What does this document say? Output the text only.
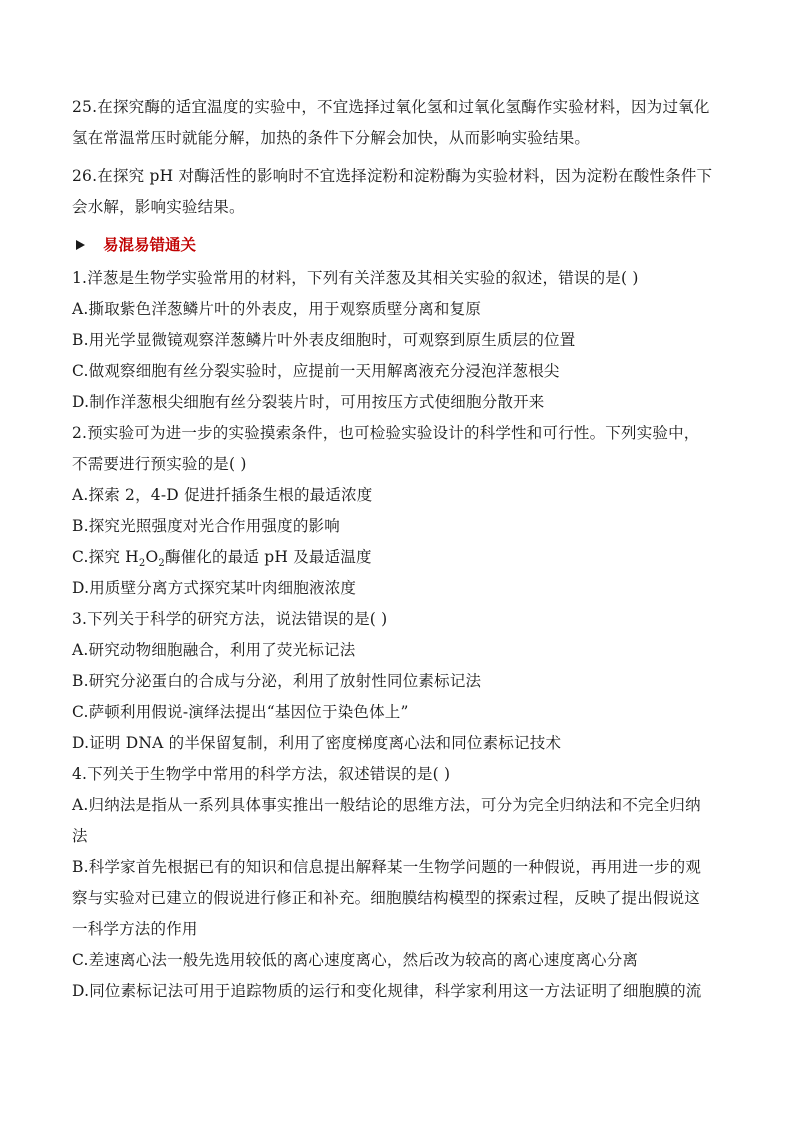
25.在探究酶的适宜温度的实验中，不宜选择过氧化氢和过氧化氢酶作实验材料，因为过氧化氢在常温常压时就能分解，加热的条件下分解会加快，从而影响实验结果。

26.在探究 pH 对酶活性的影响时不宜选择淀粉和淀粉酶为实验材料，因为淀粉在酸性条件下会水解，影响实验结果。

易混易错通关

1.洋葱是生物学实验常用的材料，下列有关洋葱及其相关实验的叙述，错误的是( )

A.撕取紫色洋葱鳞片叶的外表皮，用于观察质壁分离和复原

B.用光学显微镜观察洋葱鳞片叶外表皮细胞时，可观察到原生质层的位置

C.做观察细胞有丝分裂实验时，应提前一天用解离液充分浸泡洋葱根尖

D.制作洋葱根尖细胞有丝分裂装片时，可用按压方式使细胞分散开来

2.预实验可为进一步的实验摸索条件，也可检验实验设计的科学性和可行性。下列实验中，

不需要进行预实验的是( )

A.探索 2，4-D 促进扦插条生根的最适浓度

B.探究光照强度对光合作用强度的影响

C.探究 $H_2O_2$酶催化的最适 pH 及最适温度

D.用质壁分离方式探究某叶肉细胞液浓度

3.下列关于科学的研究方法，说法错误的是( )

A.研究动物细胞融合，利用了荧光标记法

B.研究分泌蛋白的合成与分泌，利用了放射性同位素标记法

C.萨顿利用假说-演绎法提出“基因位于染色体上”

D.证明 DNA 的半保留复制，利用了密度梯度离心法和同位素标记技术

4.下列关于生物学中常用的科学方法，叙述错误的是( )

A.归纳法是指从一系列具体事实推出一般结论的思维方法，可分为完全归纳法和不完全归纳

法

B.科学家首先根据已有的知识和信息提出解释某一生物学问题的一种假说，再用进一步的观

察与实验对已建立的假说进行修正和补充。细胞膜结构模型的探索过程，反映了提出假说这

一科学方法的作用

C.差速离心法一般先选用较低的离心速度离心，然后改为较高的离心速度离心分离

D.同位素标记法可用于追踪物质的运行和变化规律，科学家利用这一方法证明了细胞膜的流
